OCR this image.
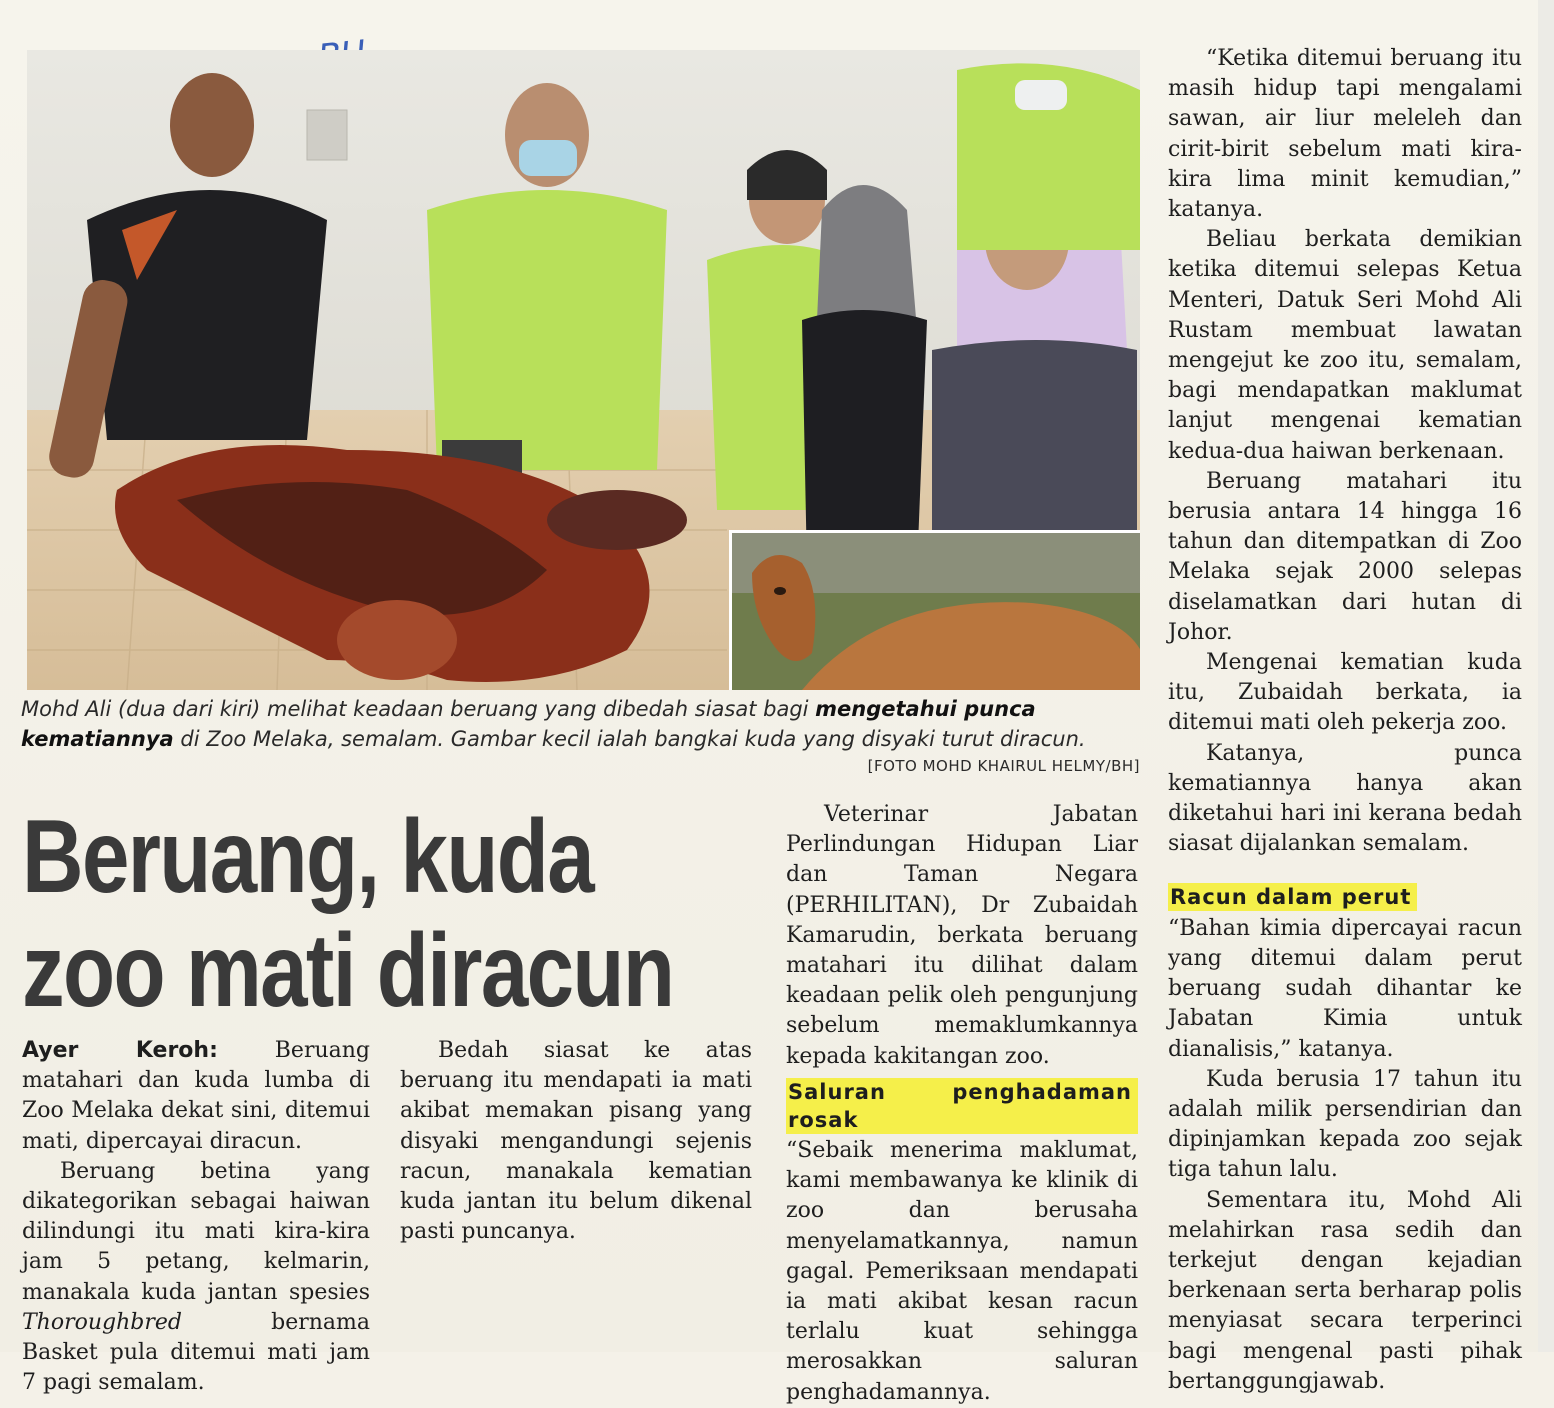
Mohd Ali (dua dari kiri) melihat keadaan beruang yang dibedah siasat bagi mengetahui punca kematiannya di Zoo Melaka, semalam. Gambar kecil ialah bangkai kuda yang disyaki turut diracun.

[FOTO MOHD KHAIRUL HELMY/BH]
Beruang, kuda
zoo mati diracun

Ayer Keroh: Beruang matahari dan kuda lumba di Zoo Melaka dekat sini, ditemui mati, dipercayai diracun.

Beruang betina yang dikategorikan sebagai haiwan dilindungi itu mati kira-kira jam 5 petang, kelmarin, manakala kuda jantan spesies Thoroughbred bernama Basket pula ditemui mati jam 7 pagi semalam.

Bedah siasat ke atas beruang itu mendapati ia mati akibat memakan pisang yang disyaki mengandungi sejenis racun, manakala kematian kuda jantan itu belum dikenal pasti puncanya.

Veterinar Jabatan Perlindungan Hidupan Liar dan Taman Negara (PERHILITAN), Dr Zubaidah Kamarudin, berkata beruang matahari itu dilihat dalam keadaan pelik oleh pengunjung sebelum memaklumkannya kepada kakitangan zoo.

Saluran penghadaman rosak

“Sebaik menerima maklumat, kami membawanya ke klinik di zoo dan berusaha menyelamatkannya, namun gagal. Pemeriksaan mendapati ia mati akibat kesan racun terlalu kuat sehingga merosakkan saluran penghadamannya.

“Ketika ditemui beruang itu masih hidup tapi mengalami sawan, air liur meleleh dan cirit-birit sebelum mati kira-kira lima minit kemudian,” katanya.

Beliau berkata demikian ketika ditemui selepas Ketua Menteri, Datuk Seri Mohd Ali Rustam membuat lawatan mengejut ke zoo itu, semalam, bagi mendapatkan maklumat lanjut mengenai kematian kedua-dua haiwan berkenaan.

Beruang matahari itu berusia antara 14 hingga 16 tahun dan ditempatkan di Zoo Melaka sejak 2000 selepas diselamatkan dari hutan di Johor.

Mengenai kematian kuda itu, Zubaidah berkata, ia ditemui mati oleh pekerja zoo.

Katanya, punca kematiannya hanya akan diketahui hari ini kerana bedah siasat dijalankan semalam.

Racun dalam perut

“Bahan kimia dipercayai racun yang ditemui dalam perut beruang sudah dihantar ke Jabatan Kimia untuk dianalisis,” katanya.

Kuda berusia 17 tahun itu adalah milik persendirian dan dipinjamkan kepada zoo sejak tiga tahun lalu.

Sementara itu, Mohd Ali melahirkan rasa sedih dan terkejut dengan kejadian berkenaan serta berharap polis menyiasat secara terperinci bagi mengenal pasti pihak bertanggungjawab.
